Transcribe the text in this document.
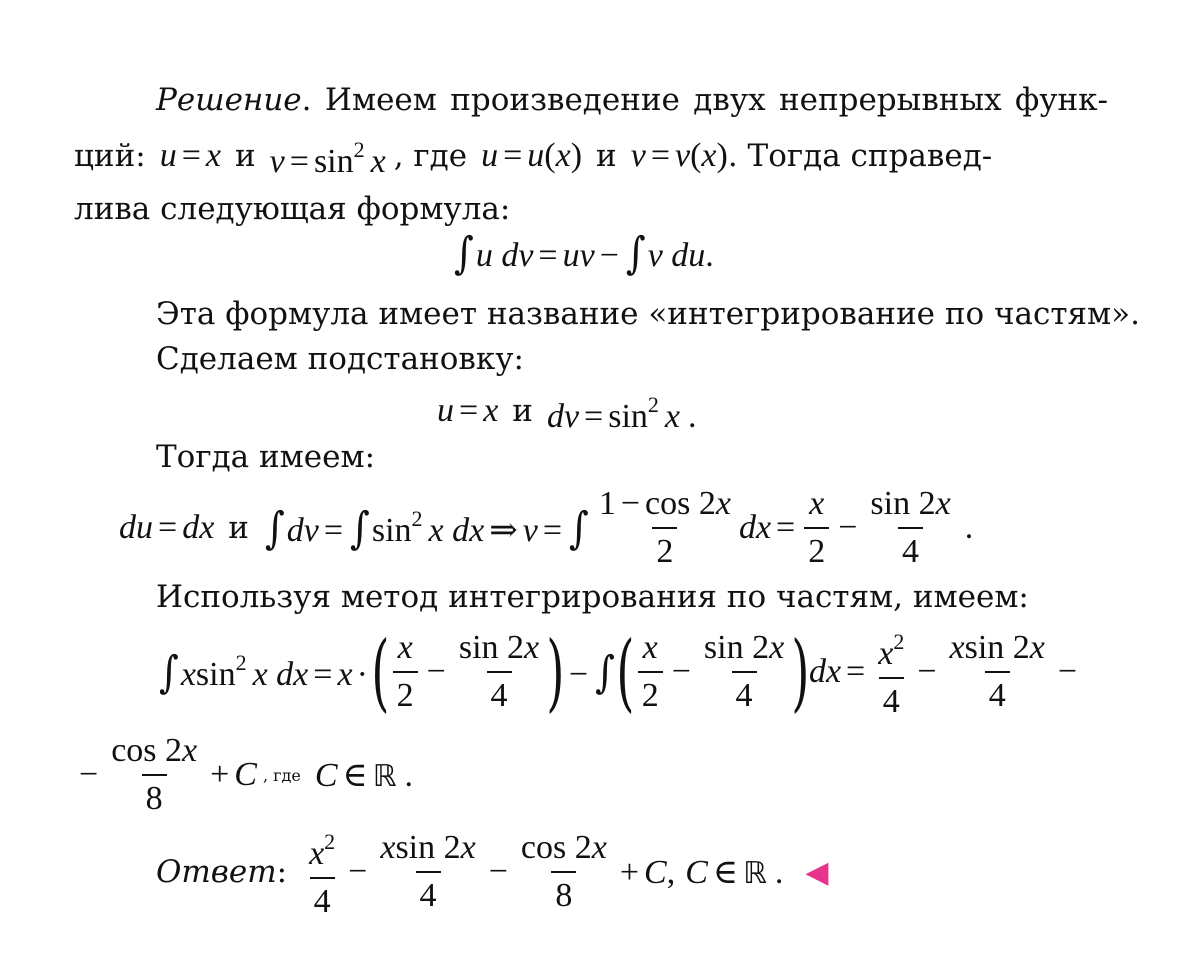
Решение. Имеем произведение двух непрерывных функ-
ций: u = x и $v = \sin^2 x$ , где u = u(x) и v = v(x) . Тогда справед-
лива следующая формула:
∫u dv = uv − ∫v du.
Эта формула имеет название «интегрирование по частям».
Сделаем подстановку:
u = x и dv = $\sin^2 x$ .
Тогда имеем:
du = dx и $\int dv = \int\sin^2$ x dx ⇒ v = ∫ $\frac{1 - \cos 2x}{2}$ dx = $\frac{x}{2} - \frac{\sin 2x}{4}$ .
Используя метод интегрирования по частям, имеем:
∫xsin$^2$ x dx = x · ( $\frac{x}{2} - \frac{\sin 2x}{4}$ ) − ∫ ( $\frac{x}{2} - \frac{\sin 2x}{4}$ ) dx = $\frac{x^2}{4} - \frac{xsin 2x}{4}$ −
− $\frac{\cos 2x}{8} + C$ , где C ∈ ℝ .
Ответ : $\frac{x^2}{4} - \frac{xsin 2x}{4} - \frac{\cos 2x}{8} + C$, C ∈ ℝ . ◀
